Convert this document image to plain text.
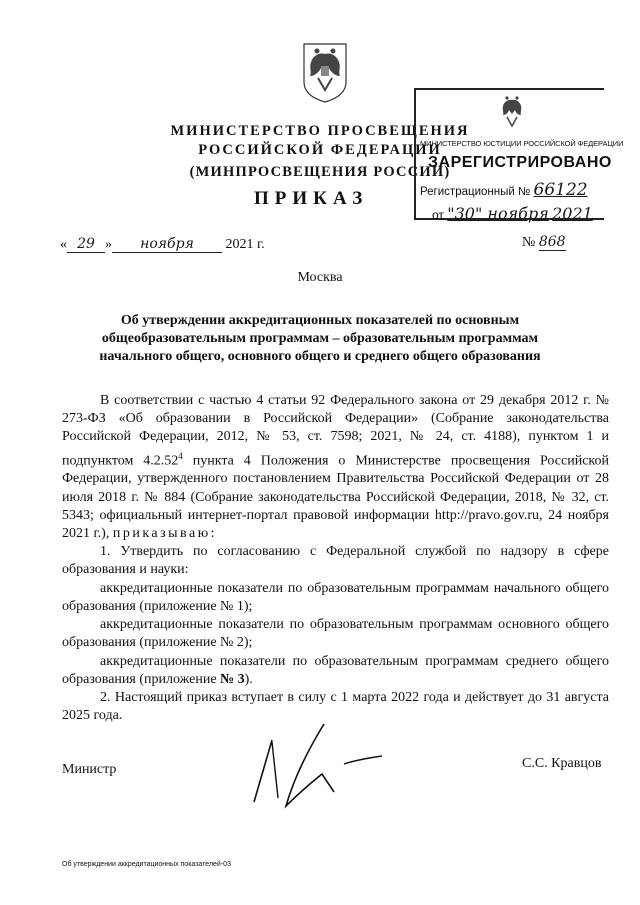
МИНИСТЕРСТВО ПРОСВЕЩЕНИЯ
РОССИЙСКОЙ ФЕДЕРАЦИИ
(МИНПРОСВЕЩЕНИЯ РОССИИ)
ПРИКАЗ
МИНИСТЕРСТВО ЮСТИЦИИ РОССИЙСКОЙ ФЕДЕРАЦИИ
ЗАРЕГИСТРИРОВАНО
Регистрационный № 66122
от "30" ноября 2021
« 29 » ноября 2021 г.	№ 868
Москва
Об утверждении аккредитационных показателей по основным общеобразовательным программам – образовательным программам начального общего, основного общего и среднего общего образования

В соответствии с частью 4 статьи 92 Федерального закона от 29 декабря 2012 г. № 273-ФЗ «Об образовании в Российской Федерации» (Собрание законодательства Российской Федерации, 2012, № 53, ст. 7598; 2021, № 24, ст. 4188), пунктом 1 и подпунктом 4.2.52$^4$ пункта 4 Положения о Министерстве просвещения Российской Федерации, утвержденного постановлением Правительства Российской Федерации от 28 июля 2018 г. № 884 (Собрание законодательства Российской Федерации, 2018, № 32, ст. 5343; официальный интернет-портал правовой информации http://pravo.gov.ru, 24 ноября 2021 г.), приказываю:

1. Утвердить по согласованию с Федеральной службой по надзору в сфере образования и науки:

аккредитационные показатели по образовательным программам начального общего образования (приложение № 1);

аккредитационные показатели по образовательным программам основного общего образования (приложение № 2);

аккредитационные показатели по образовательным программам среднего общего образования (приложение № 3).

2. Настоящий приказ вступает в силу с 1 марта 2022 года и действует до 31 августа 2025 года.

Министр	С.С. Кравцов
Об утверждении аккредитационных показателей-03
